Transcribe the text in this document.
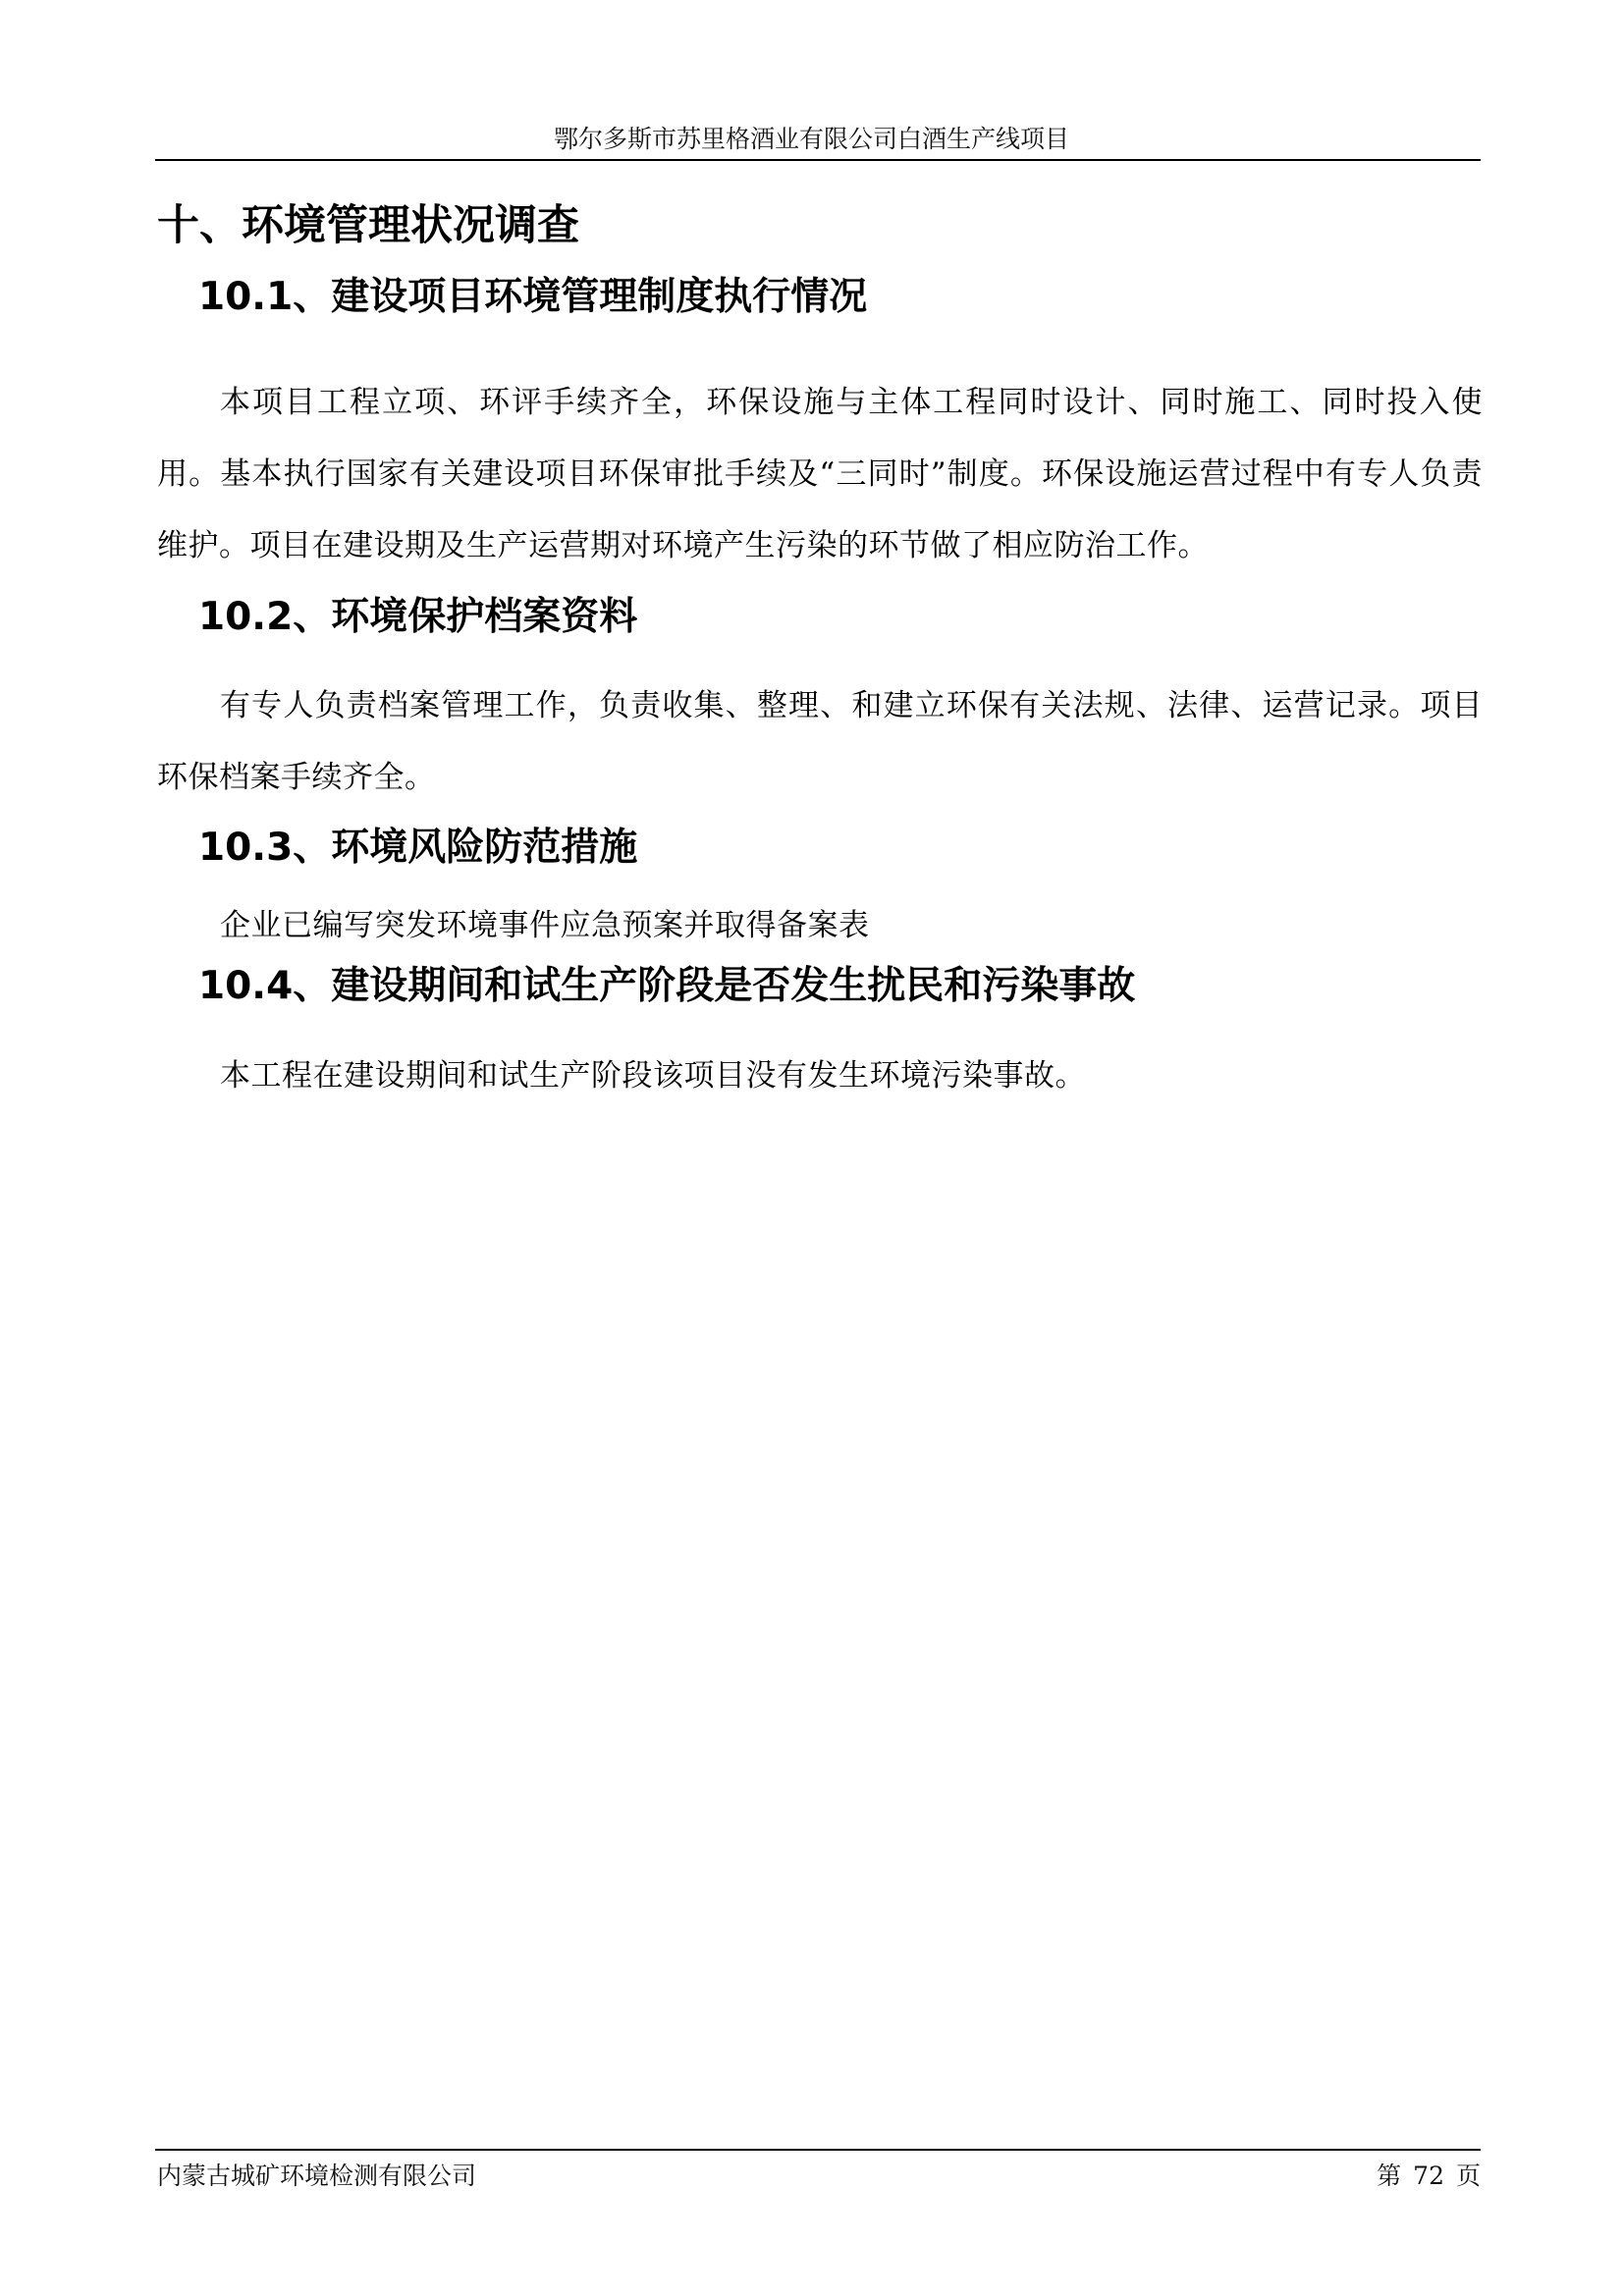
鄂尔多斯市苏里格酒业有限公司白酒生产线项目
十、环境管理状况调查
10.1、建设项目环境管理制度执行情况

本项目工程立项、环评手续齐全，环保设施与主体工程同时设计、同时施工、同时投入使用。基本执行国家有关建设项目环保审批手续及“三同时”制度。环保设施运营过程中有专人负责维护。项目在建设期及生产运营期对环境产生污染的环节做了相应防治工作。

10.2、环境保护档案资料

有专人负责档案管理工作，负责收集、整理、和建立环保有关法规、法律、运营记录。项目环保档案手续齐全。

10.3、环境风险防范措施

企业已编写突发环境事件应急预案并取得备案表

10.4、建设期间和试生产阶段是否发生扰民和污染事故

本工程在建设期间和试生产阶段该项目没有发生环境污染事故。

内蒙古城矿环境检测有限公司	第 72 页
